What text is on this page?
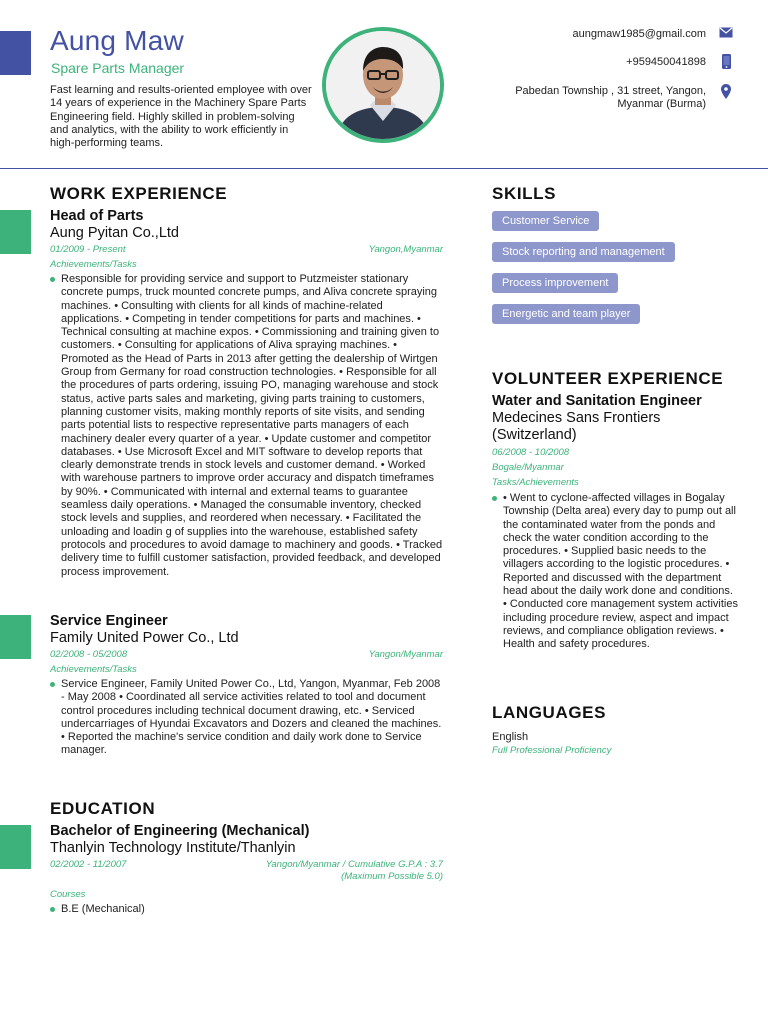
Aung Maw
Spare Parts Manager
Fast learning and results-oriented employee with over 14 years of experience in the Machinery Spare Parts Engineering field. Highly skilled in problem-solving and analytics, with the ability to work efficiently in high-performing teams.
aungmaw1985@gmail.com
+959450041898
Pabedan Township , 31 street, Yangon,
Myanmar (Burma)
WORK EXPERIENCE
Head of Parts
Aung Pyitan Co.,Ltd
01/2009 - Present	Yangon,Myanmar
Achievements/Tasks
Responsible for providing service and support to Putzmeister stationary concrete pumps, truck mounted concrete pumps, and Aliva concrete spraying machines. • Consulting with clients for all kinds of machine-related applications. • Competing in tender competitions for parts and machines. • Technical consulting at machine expos. • Commissioning and training given to customers. • Consulting for applications of Aliva spraying machines. • Promoted as the Head of Parts in 2013 after getting the dealership of Wirtgen Group from Germany for road construction technologies. • Responsible for all the procedures of parts ordering, issuing PO, managing warehouse and stock status, active parts sales and marketing, giving parts training to customers, planning customer visits, making monthly reports of site visits, and sending parts potential lists to respective representative parts managers of each machinery dealer every quarter of a year. • Update customer and competitor databases. • Use Microsoft Excel and MIT software to develop reports that clearly demonstrate trends in stock levels and customer demand. • Worked with warehouse partners to improve order accuracy and dispatch timeframes by 90%. • Communicated with internal and external teams to guarantee seamless daily operations. • Managed the consumable inventory, checked stock levels and supplies, and reordered when necessary. • Facilitated the unloading and loadin g of supplies into the warehouse, established safety protocols and procedures to avoid damage to machinery and goods. • Tracked delivery time to fulfill customer satisfaction, provided feedback, and developed process improvement.
Service Engineer
Family United Power Co., Ltd
02/2008 - 05/2008	Yangon/Myanmar
Achievements/Tasks
Service Engineer, Family United Power Co., Ltd, Yangon, Myanmar, Feb 2008 - May 2008 • Coordinated all service activities related to tool and document control procedures including technical document drawing, etc. • Serviced undercarriages of Hyundai Excavators and Dozers and cleaned the machines. • Reported the machine's service condition and daily work done to Service manager.
EDUCATION
Bachelor of Engineering (Mechanical)
Thanlyin Technology Institute/Thanlyin
02/2002 - 11/2007	Yangon/Myanmar / Cumulative G.P.A : 3.7
(Maximum Possible 5.0)
Courses
B.E (Mechanical)
SKILLS
Customer Service
Stock reporting and management
Process improvement
Energetic and team player
VOLUNTEER EXPERIENCE
Water and Sanitation Engineer
Medecines Sans Frontiers
(Switzerland)
06/2008 - 10/2008
Bogale/Myanmar
Tasks/Achievements
• Went to cyclone-affected villages in Bogalay Township (Delta area) every day to pump out all the contaminated water from the ponds and check the water condition according to the procedures. • Supplied basic needs to the villagers according to the logistic procedures. • Reported and discussed with the department head about the daily work done and conditions. • Conducted core management system activities including procedure review, aspect and impact reviews, and compliance obligation reviews. • Health and safety procedures.
LANGUAGES
English
Full Professional Proficiency
